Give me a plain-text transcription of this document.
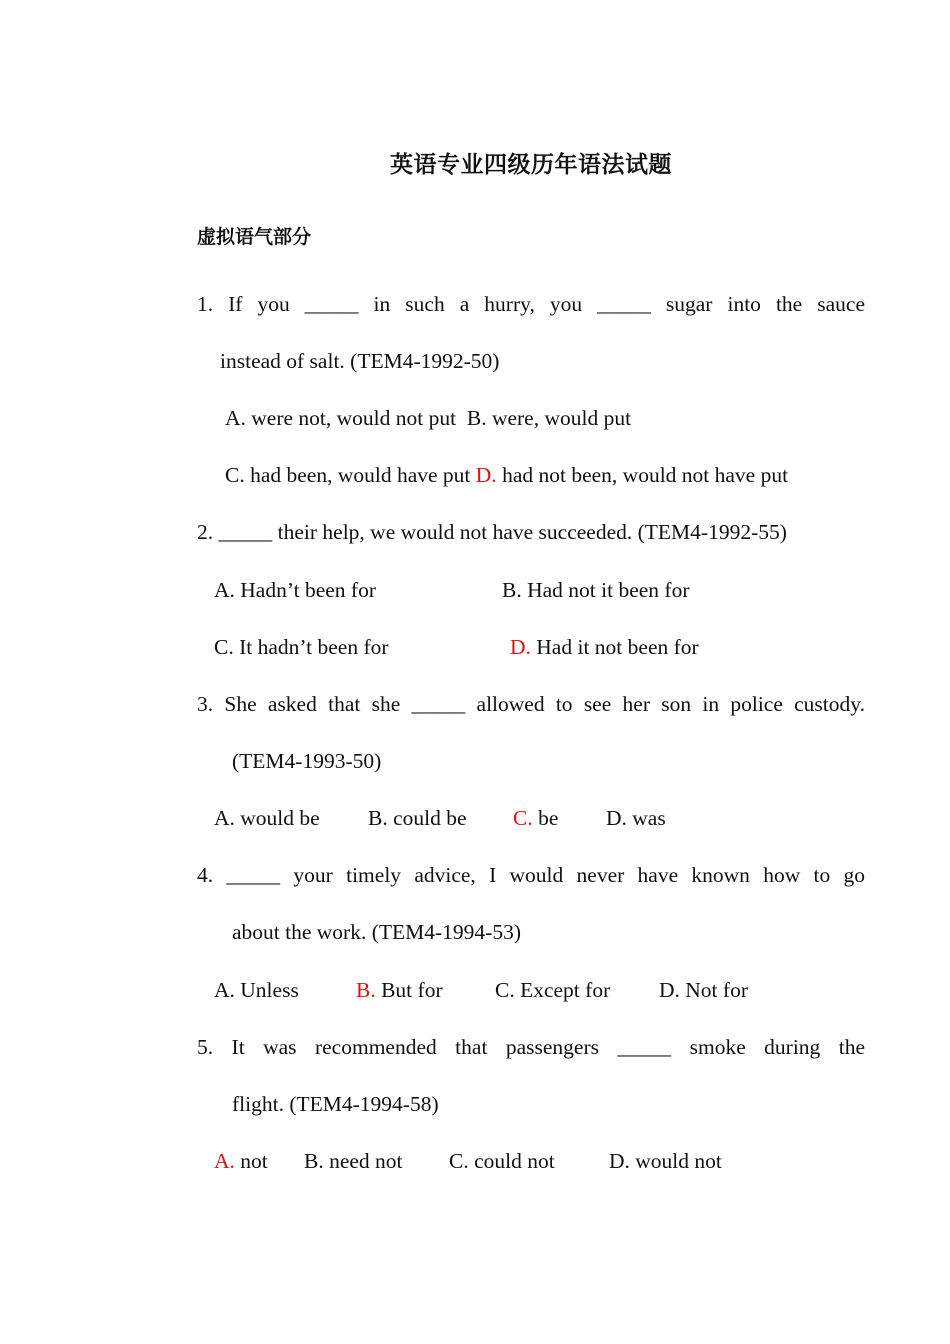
英语专业四级历年语法试题
虚拟语气部分
1. If you _____ in such a hurry, you _____ sugar into the sauce
instead of salt. (TEM4-1992-50)
A. were not, would not put B. were, would put
C. had been, would have put D. had not been, would not have put
2. _____ their help, we would not have succeeded. (TEM4-1992-55)
A. Hadn’t been for	B. Had not it been for
C. It hadn’t been for	D. Had it not been for
3. She asked that she _____ allowed to see her son in police custody.
(TEM4-1993-50)
A. would be B. could be C. be D. was
4. _____ your timely advice, I would never have known how to go
about the work. (TEM4-1994-53)
A. Unless	B. But for C. Except for D. Not for
5. It was recommended that passengers _____ smoke during the
flight. (TEM4-1994-58)
A. not B. need not C. could not	D. would not
